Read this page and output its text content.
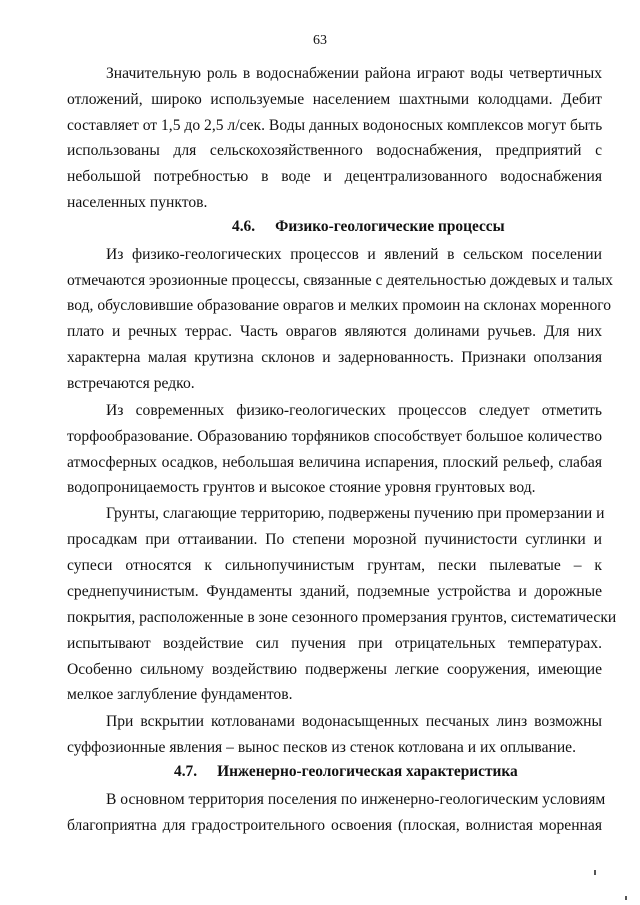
63
Значительную роль в водоснабжении района играют воды четвертичных
отложений, широко используемые населением шахтными колодцами. Дебит
составляет от 1,5 до 2,5 л/сек. Воды данных водоносных комплексов могут быть
использованы для сельскохозяйственного водоснабжения, предприятий с
небольшой потребностью в воде и децентрализованного водоснабжения
населенных пунктов.
4.6. Физико-геологические процессы
Из физико-геологических процессов и явлений в сельском поселении
отмечаются эрозионные процессы, связанные с деятельностью дождевых и талых
вод, обусловившие образование оврагов и мелких промоин на склонах моренного
плато и речных террас. Часть оврагов являются долинами ручьев. Для них
характерна малая крутизна склонов и задернованность. Признаки оползания
встречаются редко.
Из современных физико-геологических процессов следует отметить
торфообразование. Образованию торфяников способствует большое количество
атмосферных осадков, небольшая величина испарения, плоский рельеф, слабая
водопроницаемость грунтов и высокое стояние уровня грунтовых вод.
Грунты, слагающие территорию, подвержены пучению при промерзании и
просадкам при оттаивании. По степени морозной пучинистости суглинки и
супеси относятся к сильнопучинистым грунтам, пески пылеватые – к
среднепучинистым. Фундаменты зданий, подземные устройства и дорожные
покрытия, расположенные в зоне сезонного промерзания грунтов, систематически
испытывают воздействие сил пучения при отрицательных температурах.
Особенно сильному воздействию подвержены легкие сооружения, имеющие
мелкое заглубление фундаментов.
При вскрытии котлованами водонасыщенных песчаных линз возможны
суффозионные явления – вынос песков из стенок котлована и их оплывание.
4.7. Инженерно-геологическая характеристика
В основном территория поселения по инженерно-геологическим условиям
благоприятна для градостроительного освоения (плоская, волнистая моренная
